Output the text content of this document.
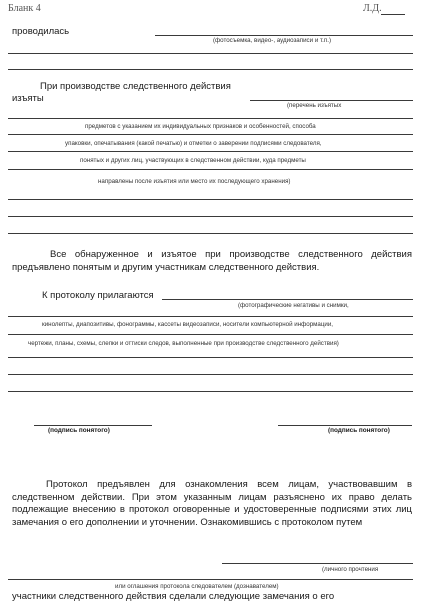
Бланк 4	Л.Д.
проводилась
(фотосъемка, видео-, аудиозаписи и т.п.)
При производстве следственного действия
изъяты
(перечень изъятых
предметов с указанием их индивидуальных признаков и особенностей, способа
упаковки, опечатывания (какой печатью) и отметки о заверении подписями следователя,
понятых и других лиц, участвующих в следственном действии, куда предметы
направлены после изъятия или место их последующего хранения)
Все обнаруженное и изъятое при производстве следственного действия предъявлено понятым и другим участникам следственного действия.
К протоколу прилагаются
(фотографические негативы и снимки,
кинолепты, диапозитивы, фонограммы, кассеты видеозаписи, носители компьютерной информации,
чертежи, планы, схемы, слепки и оттиски следов, выполненные при производстве следственного действия)
(подпись понятого)	(подпись понятого)
Протокол предъявлен для ознакомления всем лицам, участвовавшим в следственном действии. При этом указанным лицам разъяснено их право делать подлежащие внесению в протокол оговоренные и удостоверенные подписями этих лиц замечания о его дополнении и уточнении. Ознакомившись с протоколом путем
(личного прочтения
или оглашения протокола следователем (дознавателем)
участники следственного действия сделали следующие замечания о его
